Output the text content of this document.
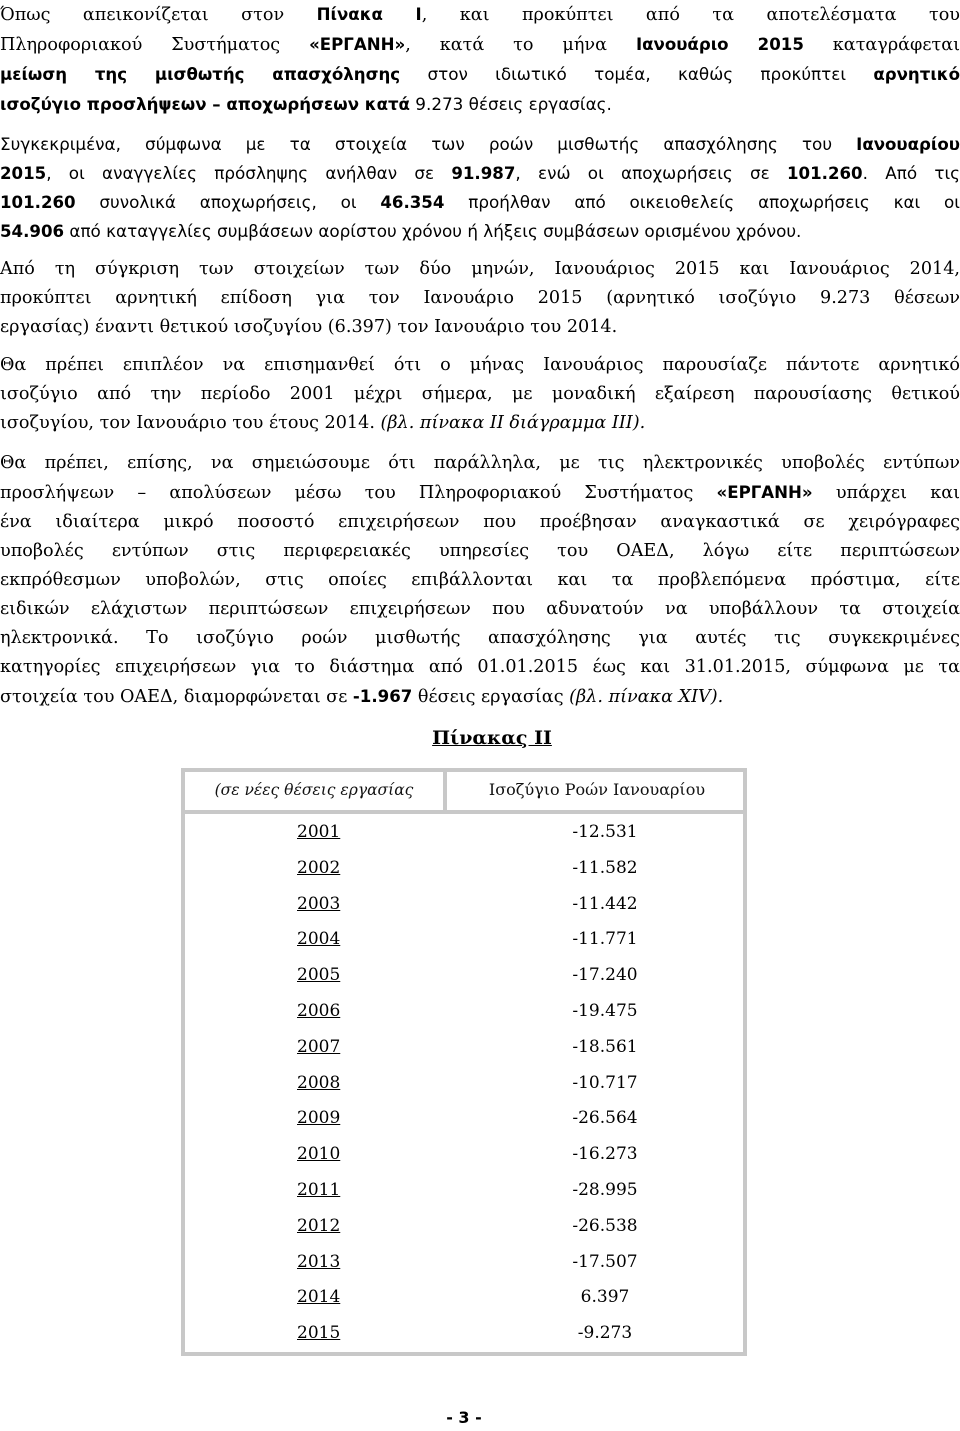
Όπως απεικονίζεται στον Πίνακα Ι, και προκύπτει από τα αποτελέσματα του
Πληροφοριακού Συστήματος «ΕΡΓΑΝΗ», κατά το μήνα Ιανουάριο 2015 καταγράφεται
μείωση της μισθωτής απασχόλησης στον ιδιωτικό τομέα, καθώς προκύπτει αρνητικό
ισοζύγιο προσλήψεων – αποχωρήσεων κατά 9.273 θέσεις εργασίας.
Συγκεκριμένα, σύμφωνα με τα στοιχεία των ροών μισθωτής απασχόλησης του Ιανουαρίου
2015, οι αναγγελίες πρόσληψης ανήλθαν σε 91.987, ενώ οι αποχωρήσεις σε 101.260. Από τις
101.260 συνολικά αποχωρήσεις, οι 46.354 προήλθαν από οικειοθελείς αποχωρήσεις και οι
54.906 από καταγγελίες συμβάσεων αορίστου χρόνου ή λήξεις συμβάσεων ορισμένου χρόνου.
Από τη σύγκριση των στοιχείων των δύο μηνών, Ιανουάριος 2015 και Ιανουάριος 2014,
προκύπτει αρνητική επίδοση για τον Ιανουάριο 2015 (αρνητικό ισοζύγιο 9.273 θέσεων
εργασίας) έναντι θετικού ισοζυγίου (6.397) τον Ιανουάριο του 2014.
Θα πρέπει επιπλέον να επισημανθεί ότι ο μήνας Ιανουάριος παρουσίαζε πάντοτε αρνητικό
ισοζύγιο από την περίοδο 2001 μέχρι σήμερα, με μοναδική εξαίρεση παρουσίασης θετικού
ισοζυγίου, τον Ιανουάριο του έτους 2014. (βλ. πίνακα ΙΙ διάγραμμα ΙΙΙ).
Θα πρέπει, επίσης, να σημειώσουμε ότι παράλληλα, με τις ηλεκτρονικές υποβολές εντύπων
προσλήψεων – απολύσεων μέσω του Πληροφοριακού Συστήματος «ΕΡΓΑΝΗ» υπάρχει και
ένα ιδιαίτερα μικρό ποσοστό επιχειρήσεων που προέβησαν αναγκαστικά σε χειρόγραφες
υποβολές εντύπων στις περιφερειακές υπηρεσίες του ΟΑΕΔ, λόγω είτε περιπτώσεων
εκπρόθεσμων υποβολών, στις οποίες επιβάλλονται και τα προβλεπόμενα πρόστιμα, είτε
ειδικών ελάχιστων περιπτώσεων επιχειρήσεων που αδυνατούν να υποβάλλουν τα στοιχεία
ηλεκτρονικά. Το ισοζύγιο ροών μισθωτής απασχόλησης για αυτές τις συγκεκριμένες
κατηγορίες επιχειρήσεων για το διάστημα από 01.01.2015 έως και 31.01.2015, σύμφωνα με τα
στοιχεία του ΟΑΕΔ, διαμορφώνεται σε -1.967 θέσεις εργασίας (βλ. πίνακα ΧΙV).

Πίνακας ΙΙ

(σε νέες θέσεις εργασίας	Ισοζύγιο Ροών Ιανουαρίου
2001	-12.531
2002	-11.582
2003	-11.442
2004	-11.771
2005	-17.240
2006	-19.475
2007	-18.561
2008	-10.717
2009	-26.564
2010	-16.273
2011	-28.995
2012	-26.538
2013	-17.507
2014	6.397
2015	-9.273

- 3 -
